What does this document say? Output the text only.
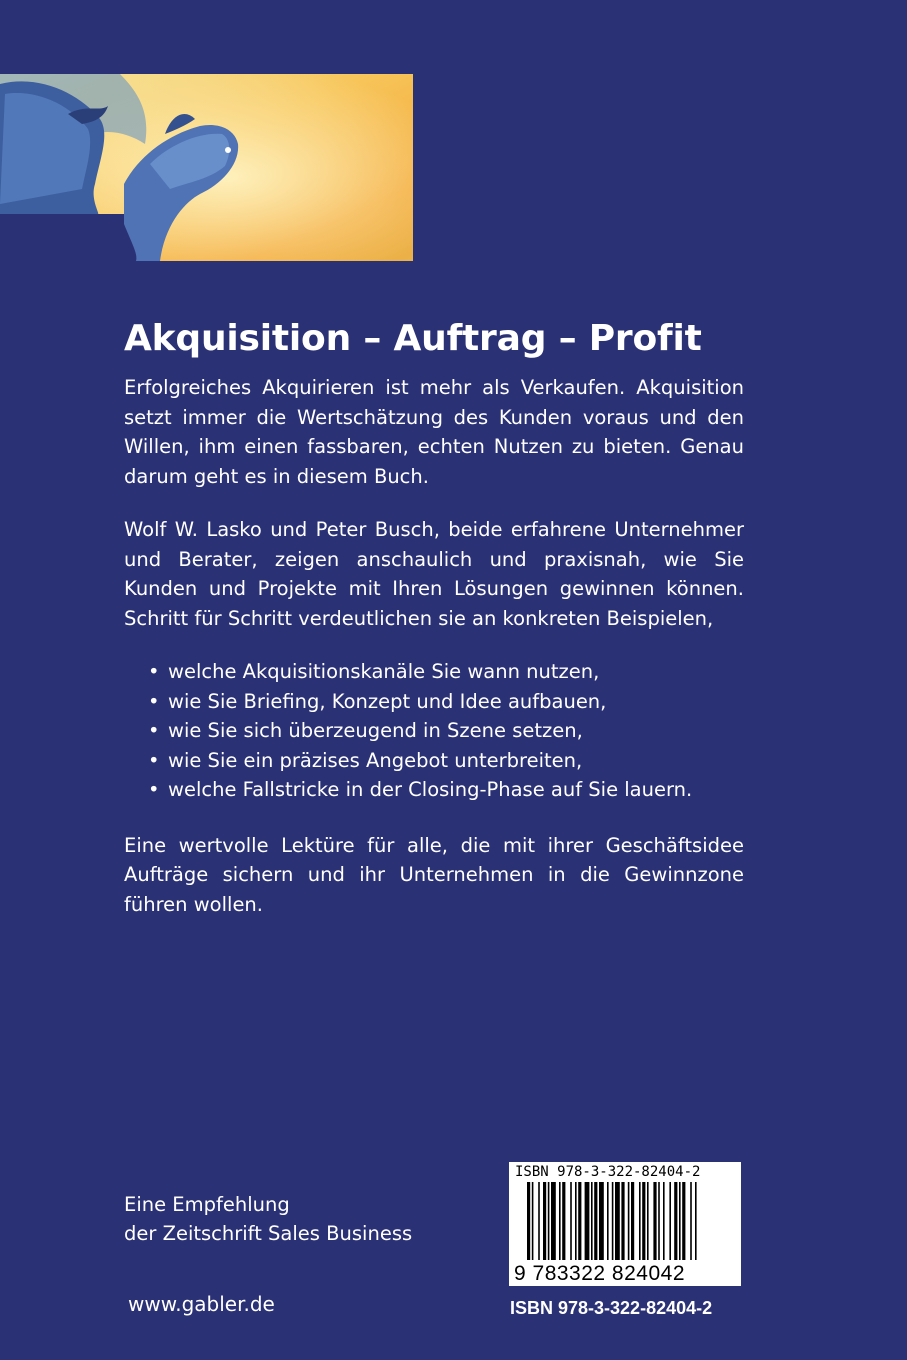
Akquisition – Auftrag – Profit

Erfolgreiches Akquirieren ist mehr als Verkaufen. Akquisition setzt immer die Wertschätzung des Kunden voraus und den Willen, ihm einen fassbaren, echten Nutzen zu bieten. Genau darum geht es in diesem Buch.

Wolf W. Lasko und Peter Busch, beide erfahrene Unternehmer und Berater, zeigen anschaulich und praxisnah, wie Sie Kunden und Projekte mit Ihren Lösungen gewinnen können. Schritt für Schritt verdeutlichen sie an konkreten Beispielen,

• welche Akquisitionskanäle Sie wann nutzen,
• wie Sie Briefing, Konzept und Idee aufbauen,
• wie Sie sich überzeugend in Szene setzen,
• wie Sie ein präzises Angebot unterbreiten,
• welche Fallstricke in der Closing-Phase auf Sie lauern.

Eine wertvolle Lektüre für alle, die mit ihrer Geschäftsidee Aufträge sichern und ihr Unternehmen in die Gewinnzone führen wollen.

Eine Empfehlung
der Zeitschrift Sales Business
www.gabler.de
ISBN 978-3-322-82404-2
9 783322 824042
ISBN 978-3-322-82404-2
